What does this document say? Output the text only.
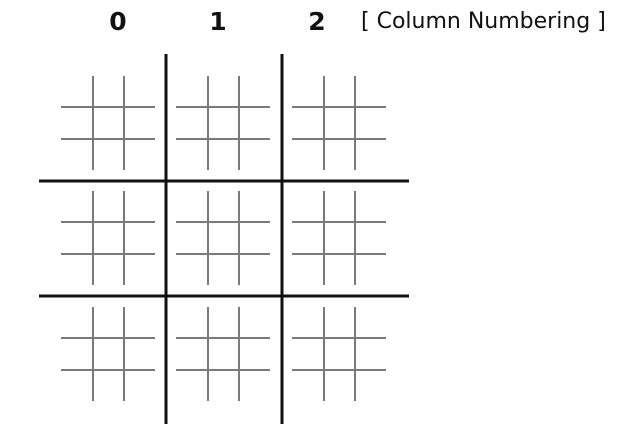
0	1	2 [ Column Numbering ]
